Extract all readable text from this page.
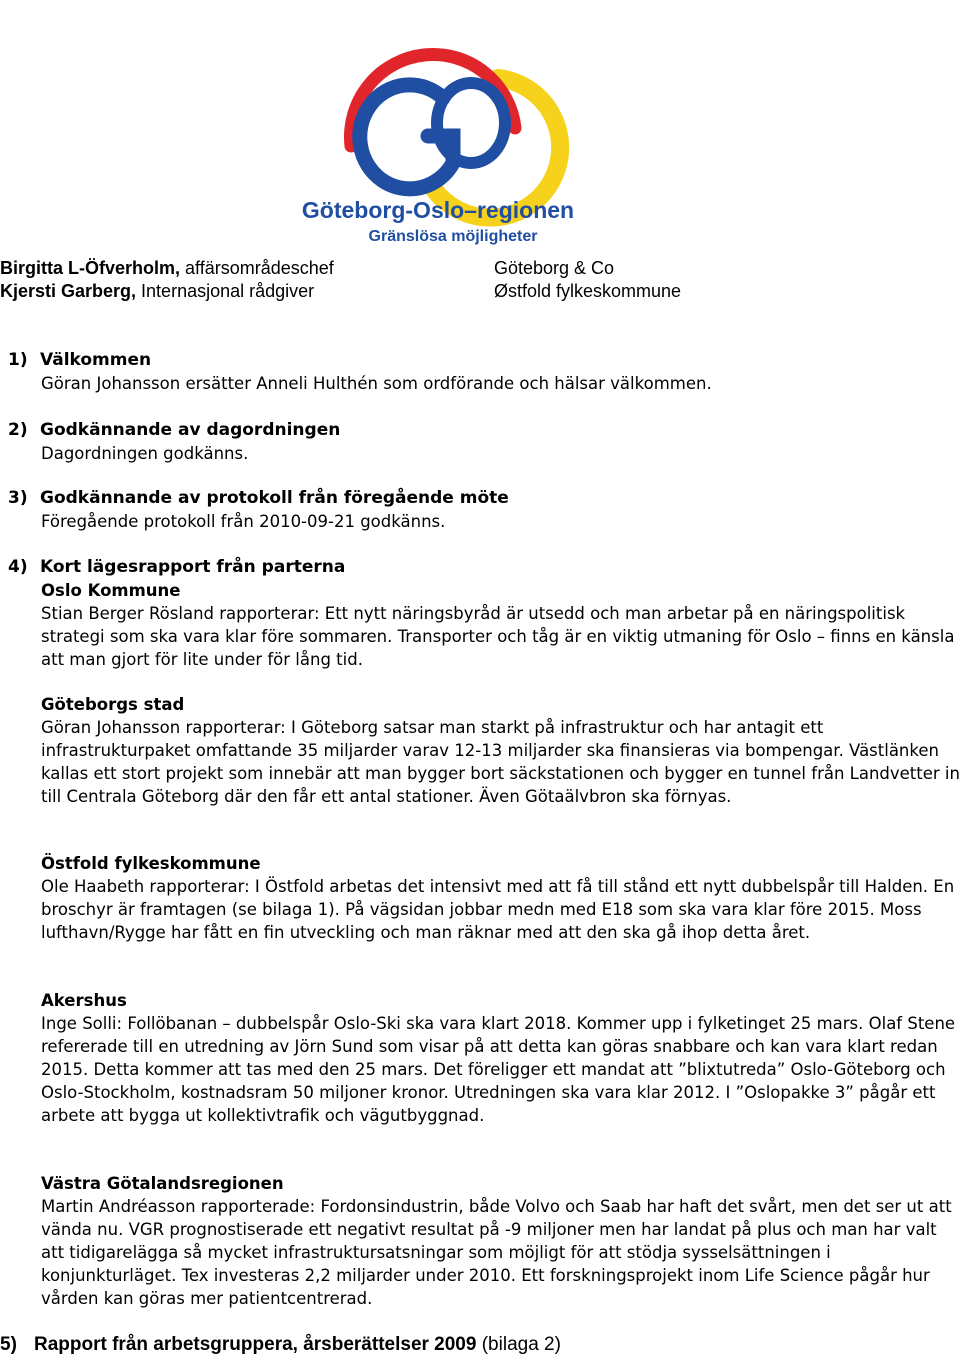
Göteborg-Oslo–regionen
Gränslösa möjligheter
Birgitta L-Öfverholm, affärsområdeschef	Göteborg & Co
Kjersti Garberg, Internasjonal rådgiver	Østfold fylkeskommune
1) Välkommen
Göran Johansson ersätter Anneli Hulthén som ordförande och hälsar välkommen.
2) Godkännande av dagordningen
Dagordningen godkänns.
3) Godkännande av protokoll från föregående möte
Föregående protokoll från 2010-09-21 godkänns.
4) Kort lägesrapport från parterna

Oslo Kommune

Stian Berger Rösland rapporterar: Ett nytt näringsbyråd är utsedd och man arbetar på en näringspolitisk strategi som ska vara klar före sommaren. Transporter och tåg är en viktig utmaning för Oslo – finns en känsla att man gjort för lite under för lång tid.

Göteborgs stad

Göran Johansson rapporterar: I Göteborg satsar man starkt på infrastruktur och har antagit ett infrastrukturpaket omfattande 35 miljarder varav 12-13 miljarder ska finansieras via bompengar. Västlänken kallas ett stort projekt som innebär att man bygger bort säckstationen och bygger en tunnel från Landvetter in till Centrala Göteborg där den får ett antal stationer. Även Götaälvbron ska förnyas.

Östfold fylkeskommune

Ole Haabeth rapporterar: I Östfold arbetas det intensivt med att få till stånd ett nytt dubbelspår till Halden. En broschyr är framtagen (se bilaga 1). På vägsidan jobbar medn med E18 som ska vara klar före 2015. Moss lufthavn/Rygge har fått en fin utveckling och man räknar med att den ska gå ihop detta året.

Akershus

Inge Solli: Follöbanan – dubbelspår Oslo-Ski ska vara klart 2018. Kommer upp i fylketinget 25 mars. Olaf Stene refererade till en utredning av Jörn Sund som visar på att detta kan göras snabbare och kan vara klart redan 2015. Detta kommer att tas med den 25 mars. Det föreligger ett mandat att ”blixtutreda” Oslo-Göteborg och Oslo-Stockholm, kostnadsram 50 miljoner kronor. Utredningen ska vara klar 2012. I ”Oslopakke 3” pågår ett arbete att bygga ut kollektivtrafik och vägutbyggnad.

Västra Götalandsregionen

Martin Andréasson rapporterade: Fordonsindustrin, både Volvo och Saab har haft det svårt, men det ser ut att vända nu. VGR prognostiserade ett negativt resultat på -9 miljoner men har landat på plus och man har valt att tidigarelägga så mycket infrastruktursatsningar som möjligt för att stödja sysselsättningen i konjunkturläget. Tex investeras 2,2 miljarder under 2010. Ett forskningsprojekt inom Life Science pågår hur vården kan göras mer patientcentrerad.

5) Rapport från arbetsgruppera, årsberättelser 2009 (bilaga 2)
